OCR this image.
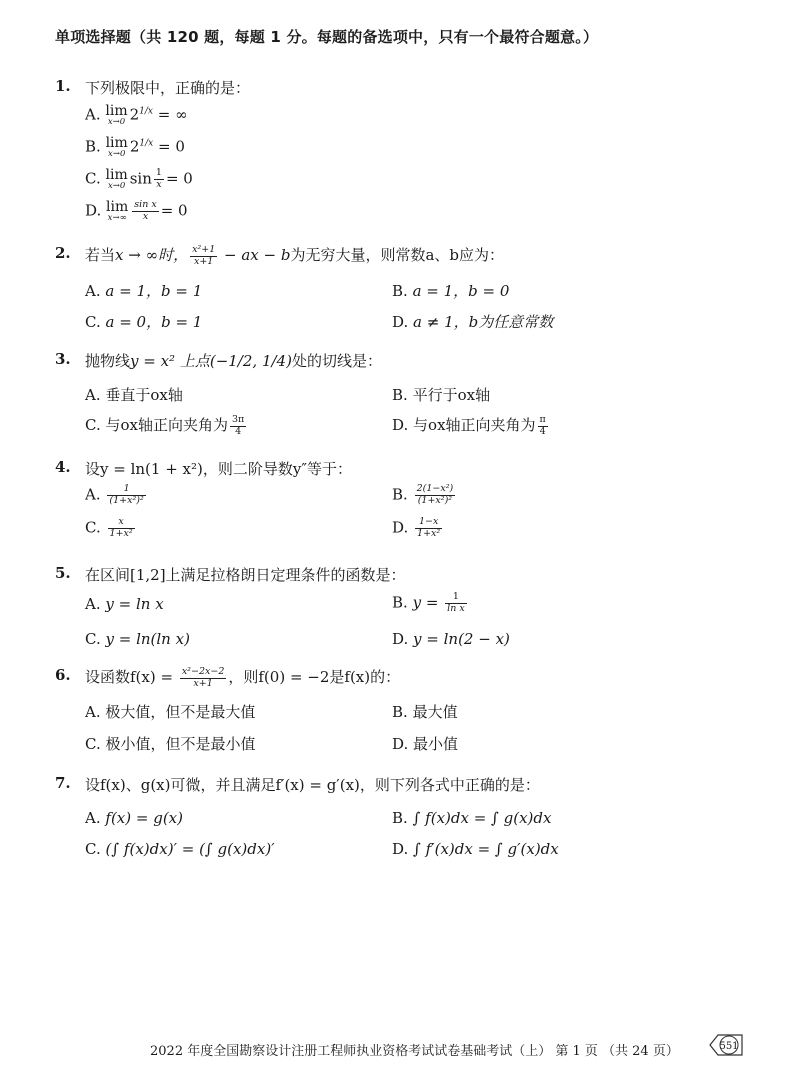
单项选择题（共 120 题，每题 1 分。每题的备选项中，只有一个最符合题意。）
1. 下列极限中，正确的是：
A. lim
x→0 $2^{1/x}$ = ∞
B. lim
x→0 $2^{1/x} = 0$
C. lim
x→0 $\sin \frac{1}{x} = 0$
D. lim
$x\to\infty \frac{\text{sin x}}{x} = 0$
2. 若当x → ∞时， $\frac{\text{x²+1}}{x+1}$ − ax − b为无穷大量，则常数a、b应为：
A. a = 1，b = 1	B. a = 1，b = 0
C. a = 0，b = 1	D. a ≠ 1，b为任意常数
3. 抛物线y = x² 上点(−1/2, 1/4)处的切线是：
A. 垂直于ox轴	B. 平行于ox轴
C. 与ox轴正向夹角为 $\frac{3\pi}{4}$	D. 与ox轴正向夹角为 $\frac{\pi}{4}$
4. 设y = ln(1 + x²)，则二阶导数y″等于：
A. $\frac{1}{\text{(1+x²)²}}$	B. $\frac{\text{2(1−x²)}}{\text{(1+x²)²}}$
C. $\frac{x}{\text{1+x²}}$	D. $\frac{1-x}{\text{1+x²}}$
5. 在区间[1,2]上满足拉格朗日定理条件的函数是：
A. y = ln x	B. $y = \frac{1}{\text{ln x}}$
C. y = ln(ln x)	D. y = ln(2 − x)
6. 设函数$f(x) = \frac{\text{x²−2x−2}}{x+1}$ ，则f(0) = −2是f(x)的：
A. 极大值，但不是最大值	B. 最大值
C. 极小值，但不是最小值	D. 最小值
7. 设f(x)、g(x)可微，并且满足f′(x) = g′(x)，则下列各式中正确的是：
A. f(x) = g(x)	B. ∫ f(x)dx = ∫ g(x)dx
C. (∫ f(x)dx)′ = (∫ g(x)dx)′	D. ∫ f′(x)dx = ∫ g′(x)dx
2022 年度全国勘察设计注册工程师执业资格考试试卷基础考试（上） 第 1 页 （共 24 页）	551
